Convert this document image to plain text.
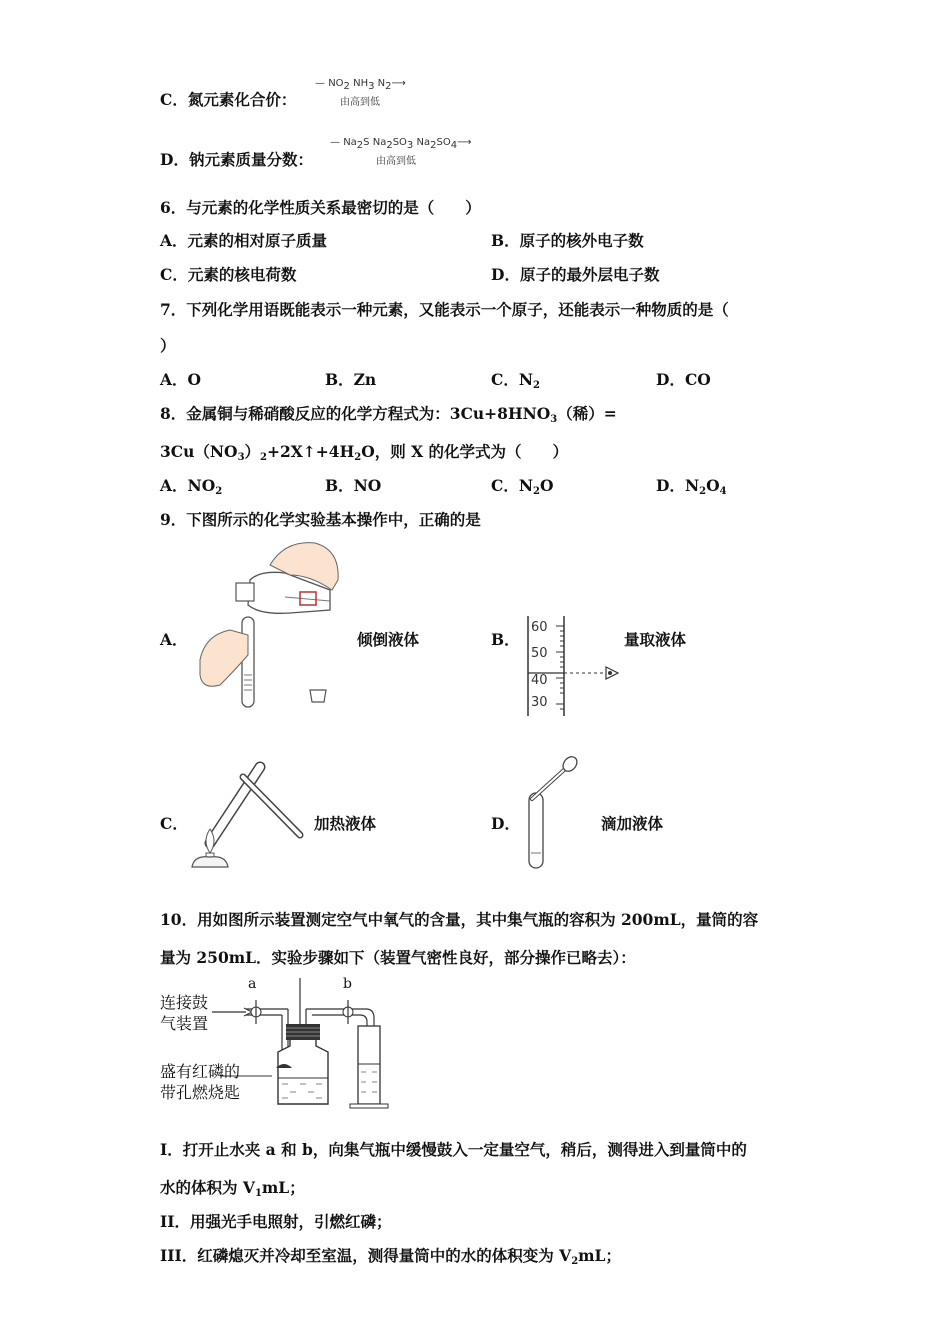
C．氮元素化合价：
— $NO_2$ $NH_3$ $N_2⟶$
由高到低
D．钠元素质量分数：
— $Na_2S$ $Na_2SO_3$ $Na_2SO_4⟶$
由高到低
6．与元素的化学性质关系最密切的是（　　）
A．元素的相对原子质量	B．原子的核外电子数
C．元素的核电荷数	D．原子的最外层电子数
7．下列化学用语既能表示一种元素，又能表示一个原子，还能表示一种物质的是（
）
A．O	B．Zn	C．$N_2$	D．CO
8．金属铜与稀硝酸反应的化学方程式为：$3Cu+8HNO_3$（稀）=
$3Cu(NO_3)_2+2X↑+4H_2O$，则 X 的化学式为（　　）
A．$NO_2$	B．NO	C．$N_2O$	D．$N_2O_4$
9．下图所示的化学实验基本操作中，正确的是
A．	倾倒液体	B．
60
50
40
30
量取液体
C．	加热液体	D．	滴加液体
10．用如图所示装置测定空气中氧气的含量，其中集气瓶的容积为 200mL，量筒的容
量为 250mL．实验步骤如下（装置气密性良好，部分操作已略去）：
a	b
连接鼓
气装置
盛有红磷的
带孔燃烧匙
I．打开止水夹 a 和 b，向集气瓶中缓慢鼓入一定量空气，稍后，测得进入到量筒中的
水的体积为 $V_1mL$；
II．用强光手电照射，引燃红磷；
III．红磷熄灭并冷却至室温，测得量筒中的水的体积变为 $V_2mL$；
